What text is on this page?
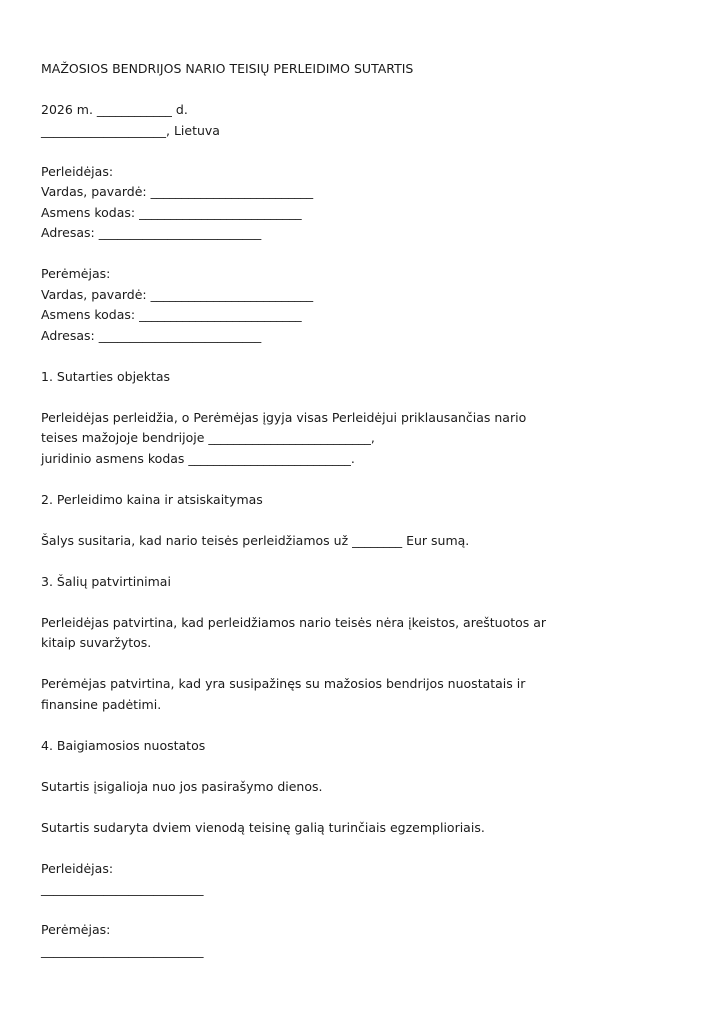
MAŽOSIOS BENDRIJOS NARIO TEISIŲ PERLEIDIMO SUTARTIS
2026 m. ____________ d.
____________________, Lietuva
Perleidėjas:
Vardas, pavardė: __________________________
Asmens kodas: __________________________
Adresas: __________________________
Perėmėjas:
Vardas, pavardė: __________________________
Asmens kodas: __________________________
Adresas: __________________________
1. Sutarties objektas
Perleidėjas perleidžia, o Perėmėjas įgyja visas Perleidėjui priklausančias nario
teises mažojoje bendrijoje __________________________,
juridinio asmens kodas __________________________.
2. Perleidimo kaina ir atsiskaitymas
Šalys susitaria, kad nario teisės perleidžiamos už ________ Eur sumą.
3. Šalių patvirtinimai
Perleidėjas patvirtina, kad perleidžiamos nario teisės nėra įkeistos, areštuotos ar
kitaip suvaržytos.
Perėmėjas patvirtina, kad yra susipažinęs su mažosios bendrijos nuostatais ir
finansine padėtimi.
4. Baigiamosios nuostatos
Sutartis įsigalioja nuo jos pasirašymo dienos.
Sutartis sudaryta dviem vienodą teisinę galią turinčiais egzemplioriais.
Perleidėjas:
__________________________
Perėmėjas:
__________________________
